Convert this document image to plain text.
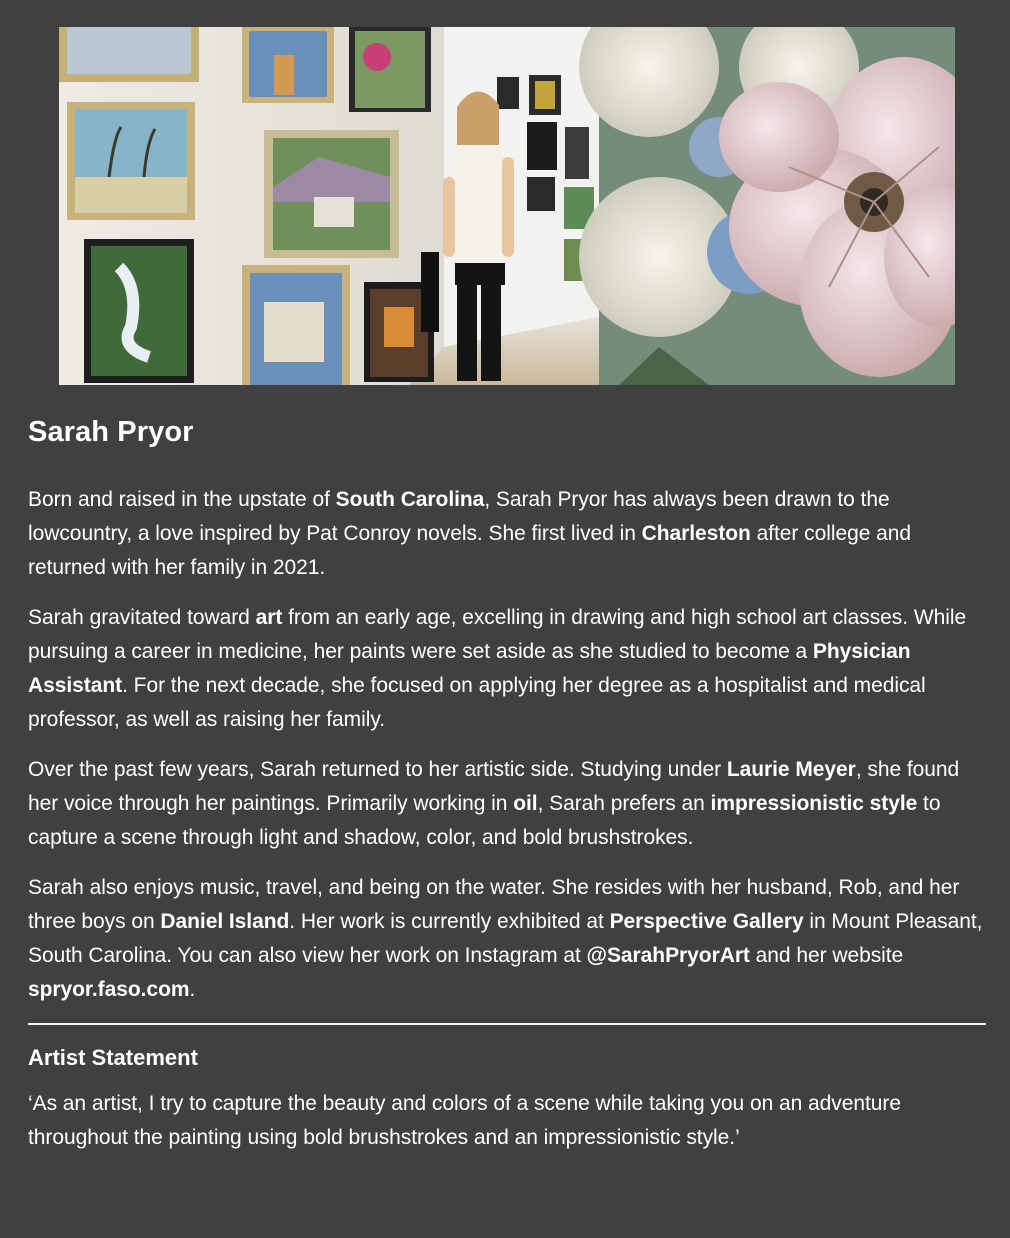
Sarah Pryor

Born and raised in the upstate of South Carolina, Sarah Pryor has always been drawn to the lowcountry, a love inspired by Pat Conroy novels. She first lived in Charleston after college and returned with her family in 2021.

Sarah gravitated toward art from an early age, excelling in drawing and high school art classes. While pursuing a career in medicine, her paints were set aside as she studied to become a Physician Assistant. For the next decade, she focused on applying her degree as a hospitalist and medical professor, as well as raising her family.

Over the past few years, Sarah returned to her artistic side. Studying under Laurie Meyer, she found her voice through her paintings. Primarily working in oil, Sarah prefers an impressionistic style to capture a scene through light and shadow, color, and bold brushstrokes.

Sarah also enjoys music, travel, and being on the water. She resides with her husband, Rob, and her three boys on Daniel Island. Her work is currently exhibited at Perspective Gallery in Mount Pleasant, South Carolina. You can also view her work on Instagram at @SarahPryorArt and her website spryor.faso.com.

Artist Statement

‘As an artist, I try to capture the beauty and colors of a scene while taking you on an adventure throughout the painting using bold brushstrokes and an impressionistic style.’
